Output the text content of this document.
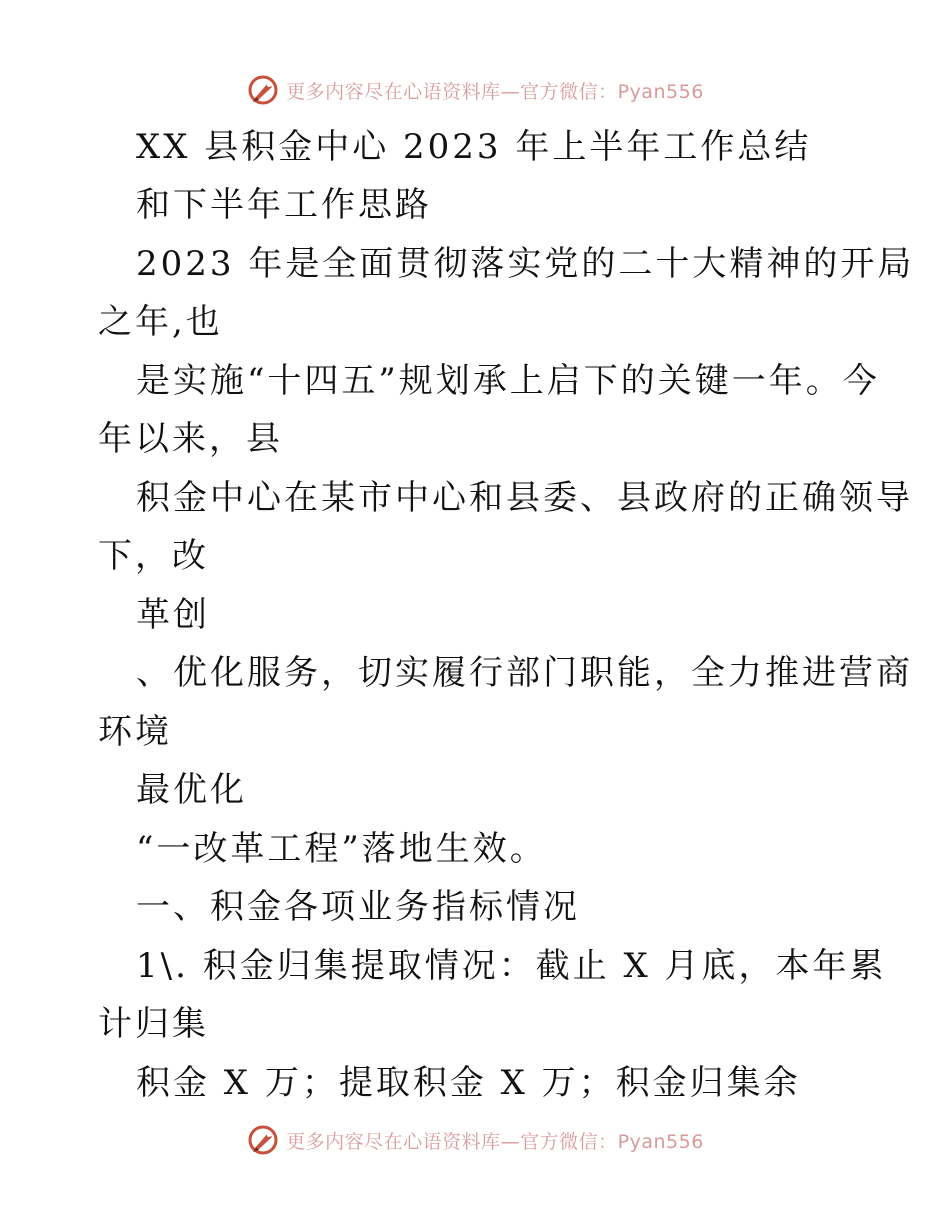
更多内容尽在心语资料库—官方微信：Pyan556
XX 县积金中心 2023 年上半年工作总结
和下半年工作思路
2023 年是全面贯彻落实党的二十大精神的开局
之年,也
是实施“十四五”规划承上启下的关键一年。今
年以来，县
积金中心在某市中心和县委、县政府的正确领导
下，改
革创
、优化服务，切实履行部门职能，全力推进营商
环境
最优化
“一改革工程”落地生效。
一、积金各项业务指标情况
1\. 积金归集提取情况：截止 X 月底，本年累
计归集
积金 X 万；提取积金 X 万；积金归集余
更多内容尽在心语资料库—官方微信：Pyan556
